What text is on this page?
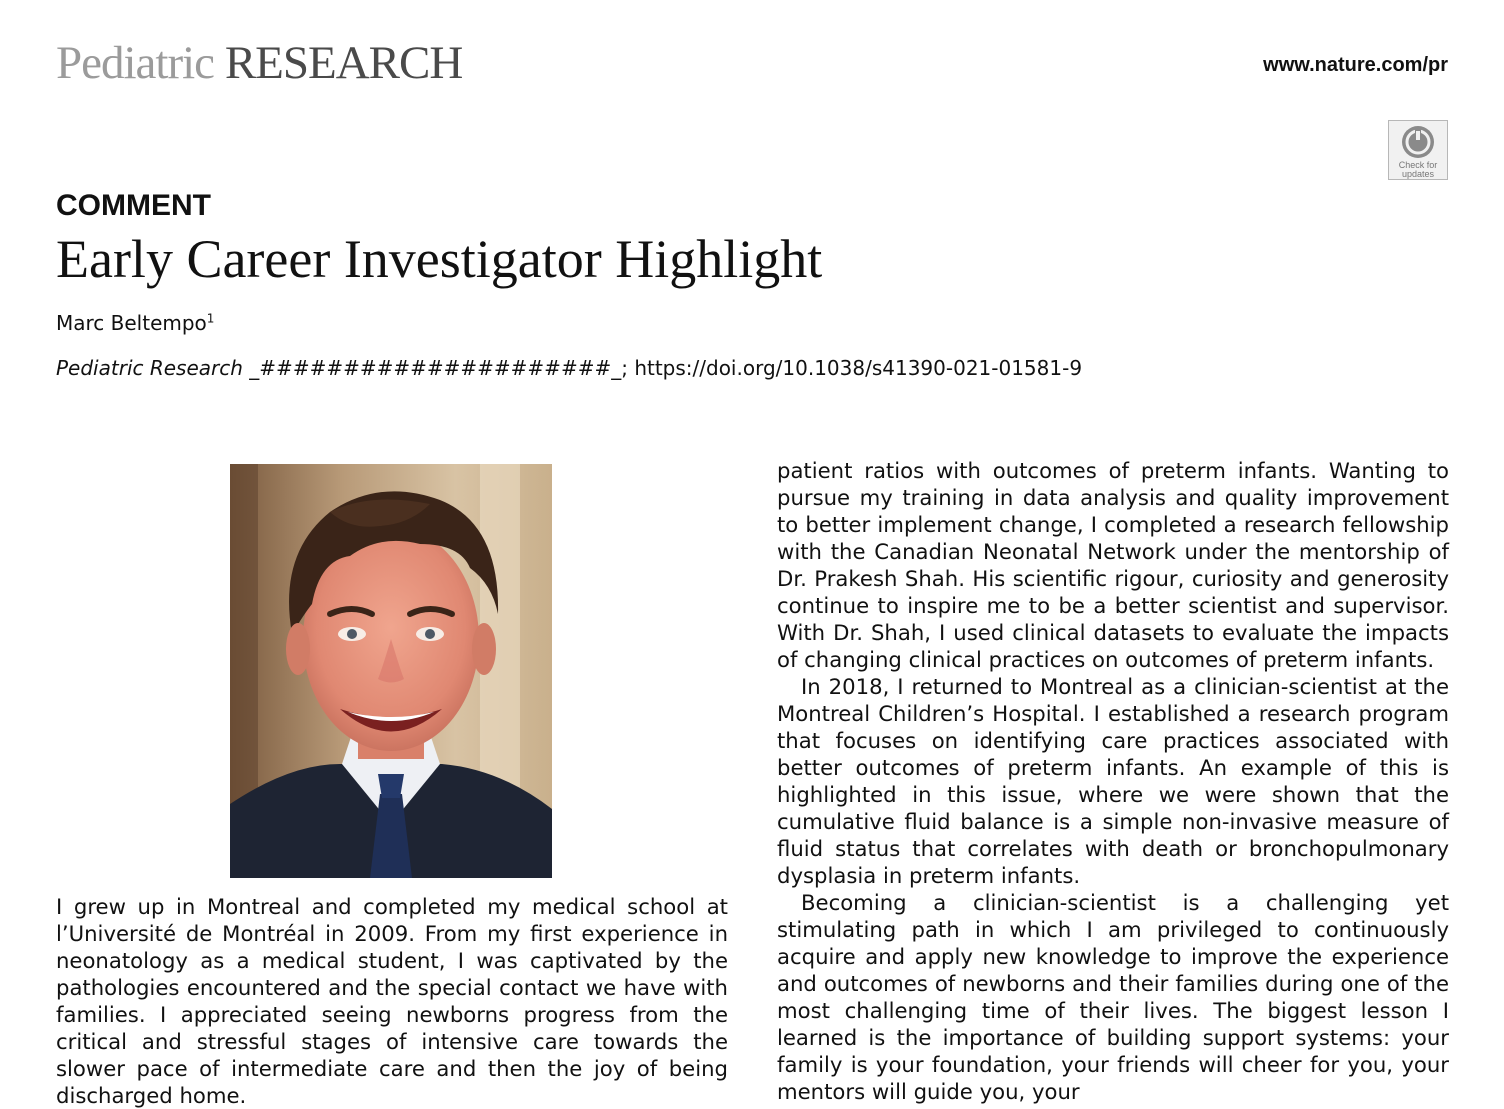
Pediatric RESEARCH	www.nature.com/pr
Check for updates
COMMENT
Early Career Investigator Highlight
Marc Beltempo$^1$
Pediatric Research _#####################_; https://doi.org/10.1038/s41390-021-01581-9

I grew up in Montreal and completed my medical school at l’Université de Montréal in 2009. From my first experience in neonatology as a medical student, I was captivated by the pathologies encountered and the special contact we have with families. I appreciated seeing newborns progress from the critical and stressful stages of intensive care towards the slower pace of intermediate care and then the joy of being discharged home.

patient ratios with outcomes of preterm infants. Wanting to pursue my training in data analysis and quality improvement to better implement change, I completed a research fellowship with the Canadian Neonatal Network under the mentorship of Dr. Prakesh Shah. His scientific rigour, curiosity and generosity continue to inspire me to be a better scientist and supervisor. With Dr. Shah, I used clinical datasets to evaluate the impacts of changing clinical practices on outcomes of preterm infants.

In 2018, I returned to Montreal as a clinician-scientist at the Montreal Children’s Hospital. I established a research program that focuses on identifying care practices associated with better outcomes of preterm infants. An example of this is highlighted in this issue, where we were shown that the cumulative fluid balance is a simple non-invasive measure of fluid status that correlates with death or bronchopulmonary dysplasia in preterm infants.

Becoming a clinician-scientist is a challenging yet stimulating path in which I am privileged to continuously acquire and apply new knowledge to improve the experience and outcomes of newborns and their families during one of the most challenging time of their lives. The biggest lesson I learned is the importance of building support systems: your family is your foundation, your friends will cheer for you, your mentors will guide you, your
